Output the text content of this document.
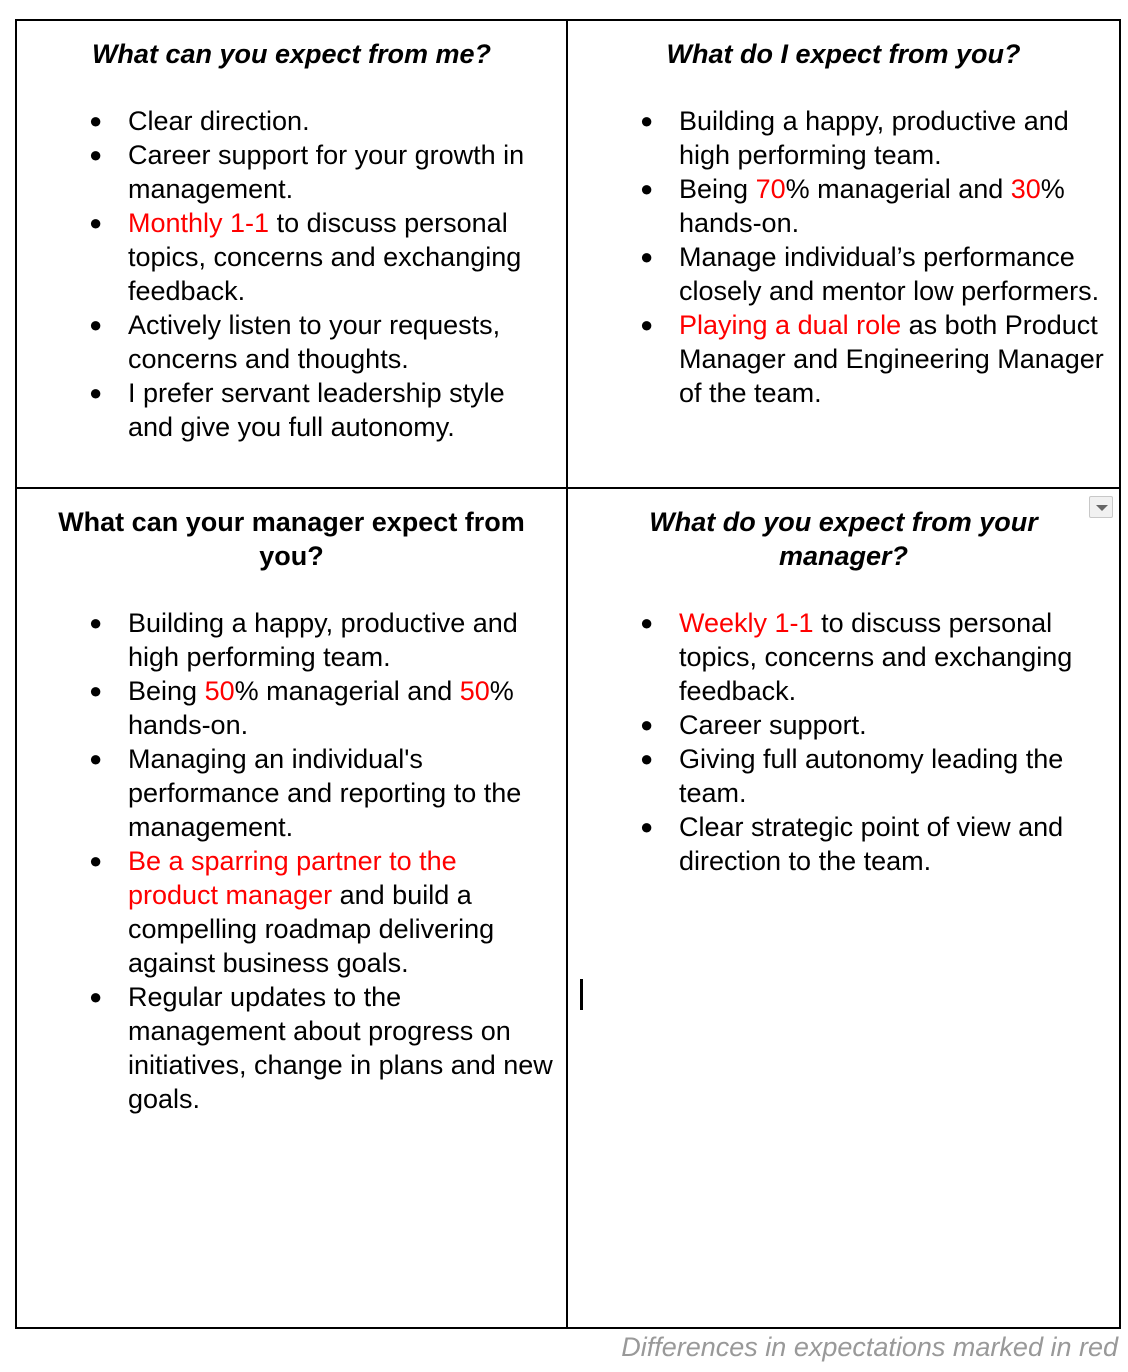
What can you expect from me?
● Clear direction.
● Career support for your growth in management.
● Monthly 1-1 to discuss personal topics, concerns and exchanging feedback.
● Actively listen to your requests, concerns and thoughts.
● I prefer servant leadership style and give you full autonomy.
What do I expect from you?
● Building a happy, productive and high performing team.
● Being 70% managerial and 30% hands-on.
● Manage individual’s performance closely and mentor low performers.
● Playing a dual role as both Product Manager and Engineering Manager of the team.
What can your manager expect from you?
● Building a happy, productive and high performing team.
● Being 50% managerial and 50% hands-on.
● Managing an individual's performance and reporting to the management.
● Be a sparring partner to the product manager and build a compelling roadmap delivering against business goals.
● Regular updates to the management about progress on initiatives, change in plans and new goals.
What do you expect from your manager?
● Weekly 1-1 to discuss personal topics, concerns and exchanging feedback.
● Career support.
● Giving full autonomy leading the team.
● Clear strategic point of view and direction to the team.
Differences in expectations marked in red
